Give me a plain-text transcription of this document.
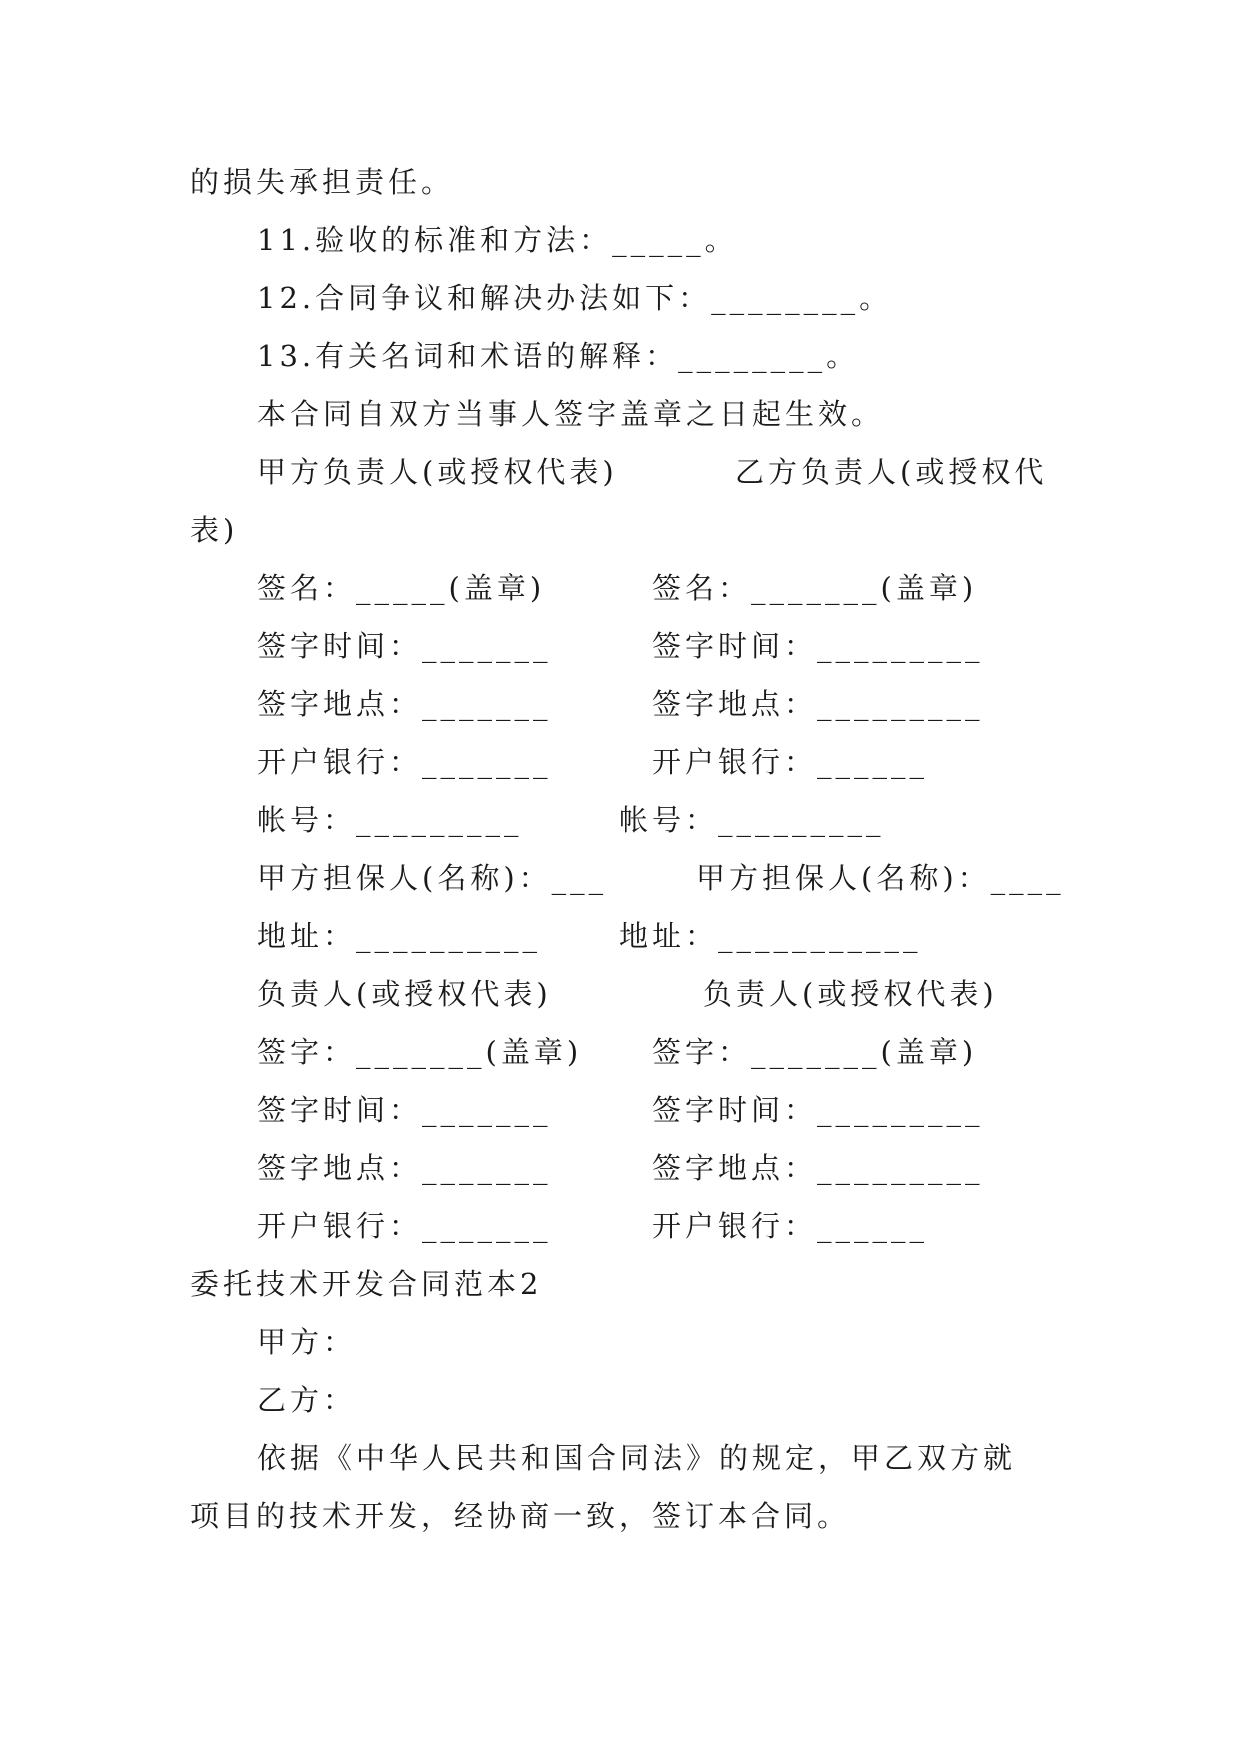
的损失承担责任。
11.验收的标准和方法：_____。
12.合同争议和解决办法如下：________。
13.有关名词和术语的解释：________。
本合同自双方当事人签字盖章之日起生效。
甲方负责人(或授权代表)	乙方负责人(或授权代
表)
签名：_____(盖章)	签名：_______(盖章)
签字时间：_______	签字时间：_________
签字地点：_______	签字地点：_________
开户银行：_______	开户银行：______
帐号：_________	帐号：_________
甲方担保人(名称)：___	甲方担保人(名称)：____
地址：__________	地址：___________
负责人(或授权代表)	负责人(或授权代表)
签字：_______(盖章) 签字：_______(盖章)
签字时间：_______	签字时间：_________
签字地点：_______	签字地点：_________
开户银行：_______	开户银行：______
委托技术开发合同范本2
甲方：
乙方：
依据《中华人民共和国合同法》的规定，甲乙双方就
项目的技术开发，经协商一致，签订本合同。
